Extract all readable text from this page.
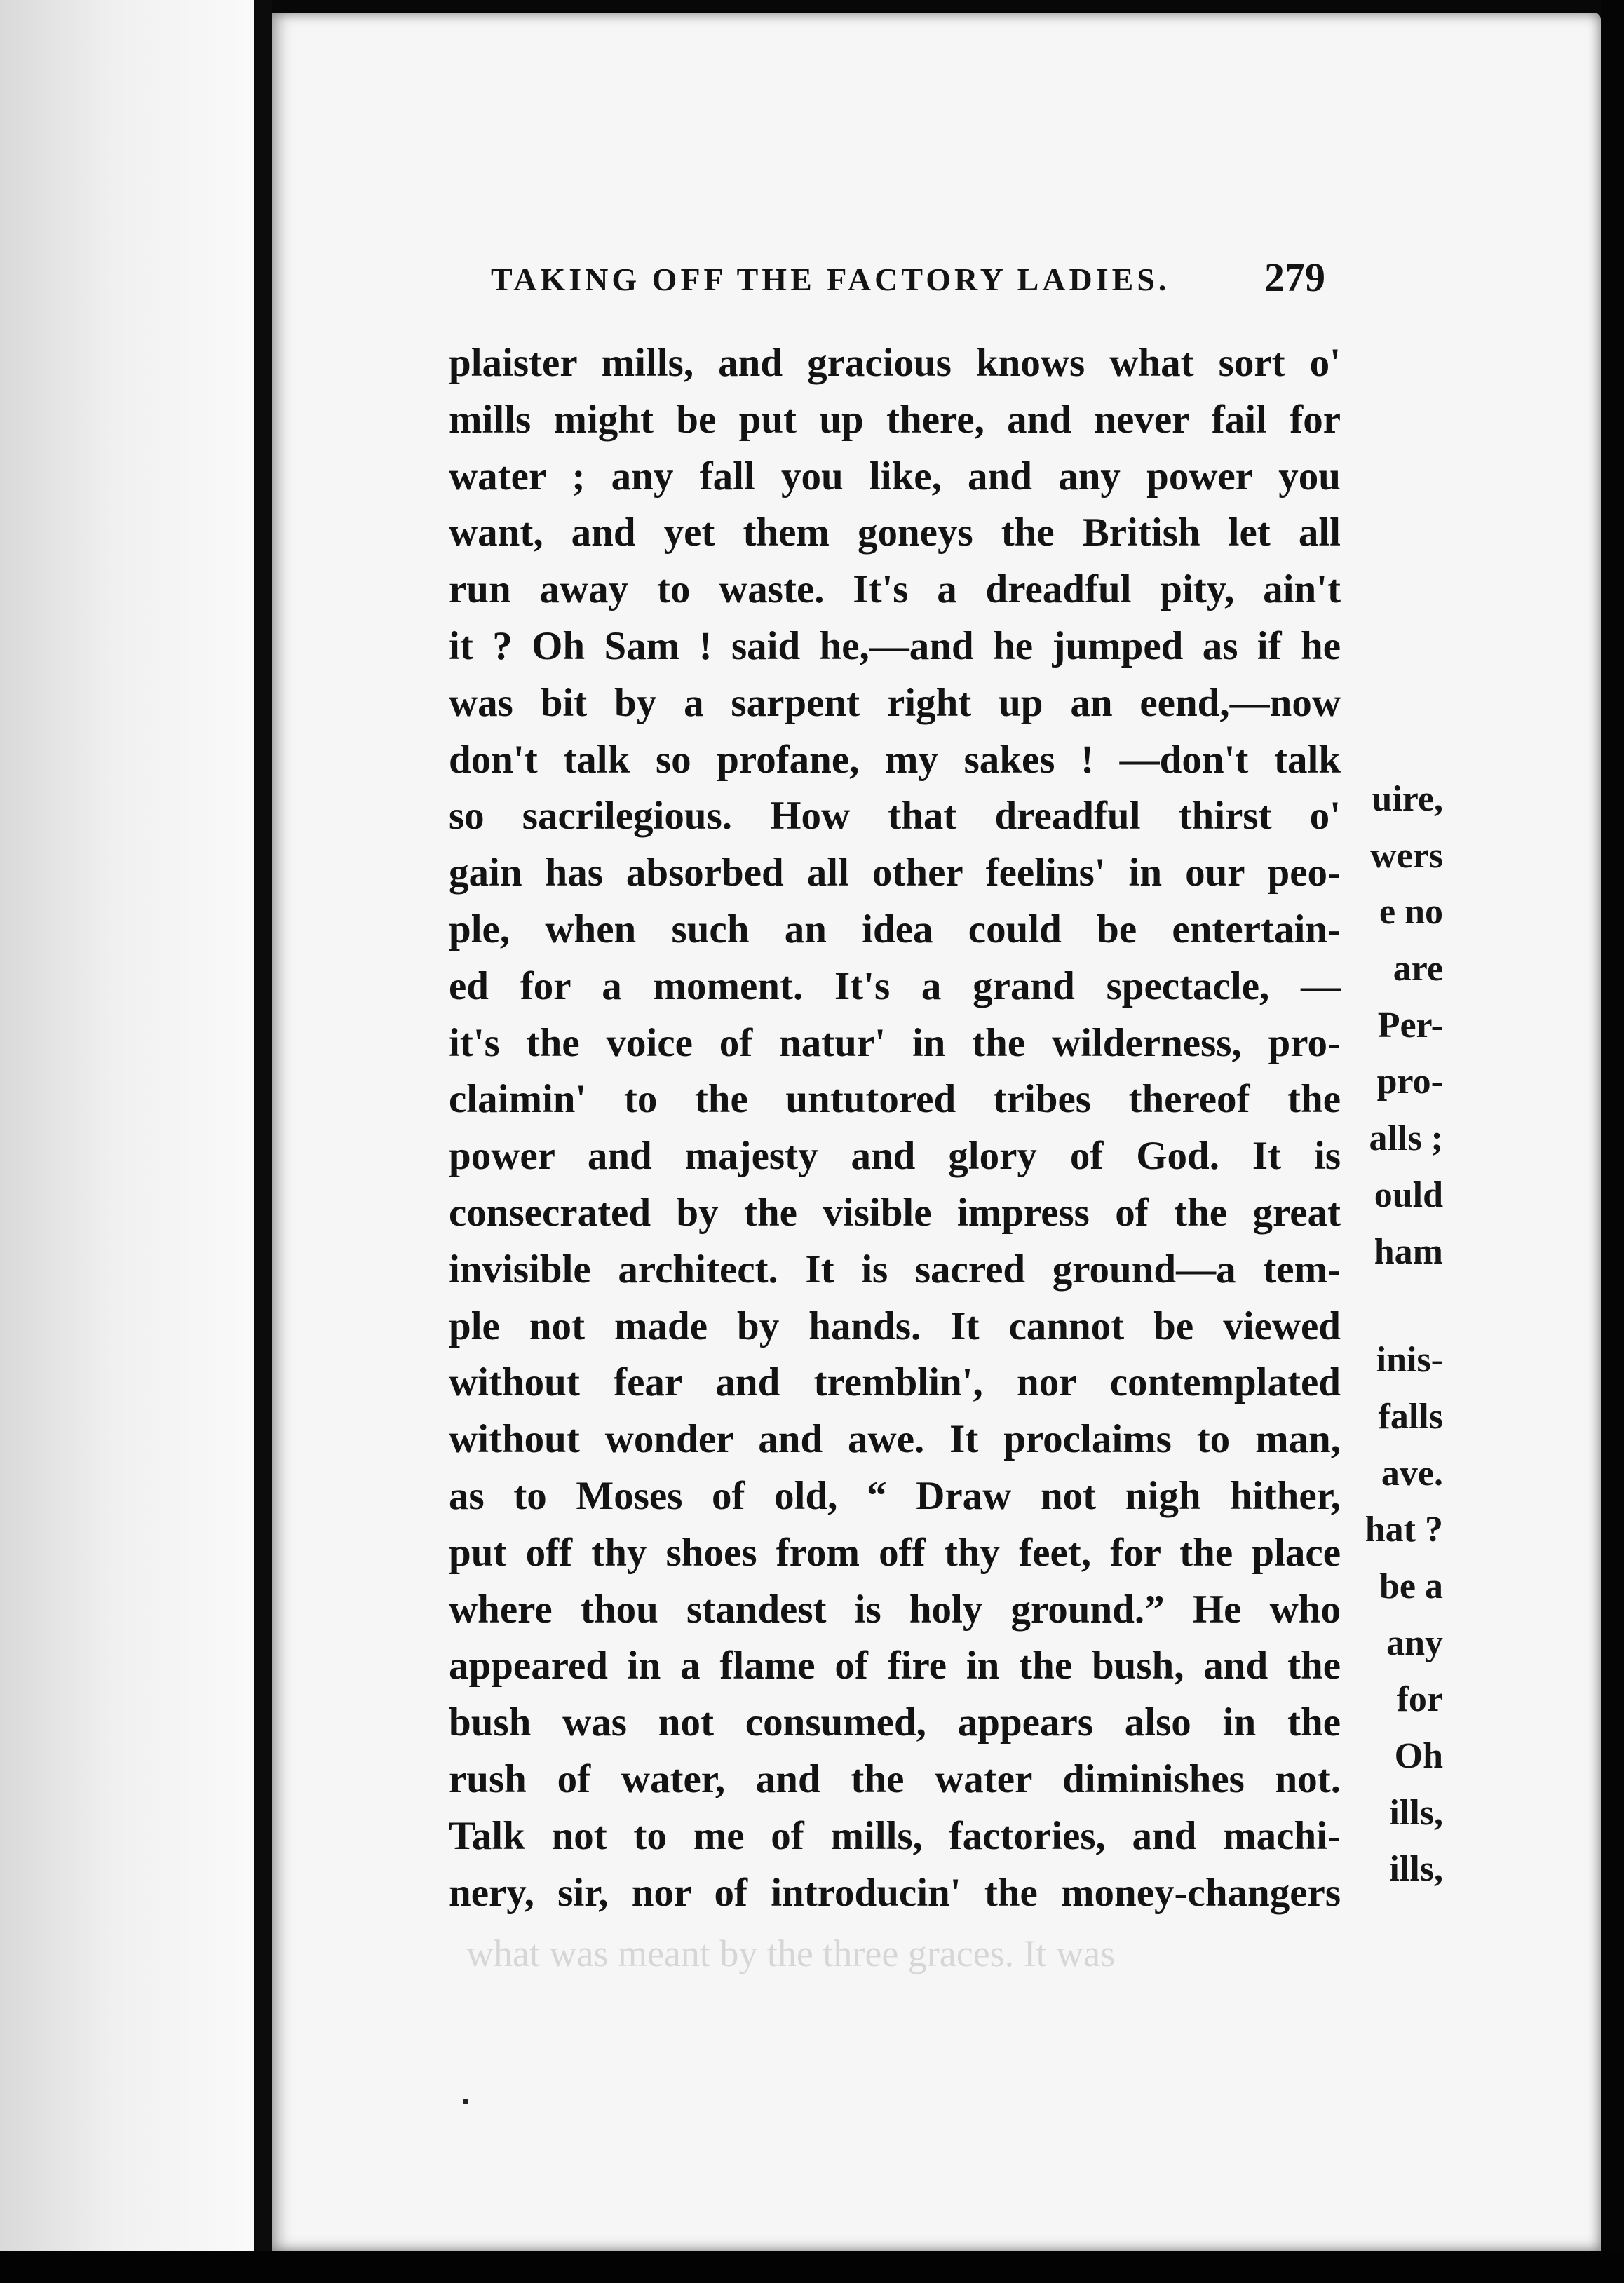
uire,
wers
e no
are
Per-
pro-
alls ;
ould
ham
inis-
falls
ave.
hat ?
be a
any
for
Oh
ills,
ills,
TAKING OFF THE FACTORY LADIES. 279
plaister mills, and gracious knows what sort o'
mills might be put up there, and never fail for
water ; any fall you like, and any power you
want, and yet them goneys the British let all
run away to waste. It's a dreadful pity, ain't
it ? Oh Sam ! said he,—and he jumped as if he
was bit by a sarpent right up an eend,—now
don't talk so profane, my sakes ! —don't talk
so sacrilegious. How that dreadful thirst o'
gain has absorbed all other feelins' in our peo-
ple, when such an idea could be entertain-
ed for a moment. It's a grand spectacle, —
it's the voice of natur' in the wilderness, pro-
claimin' to the untutored tribes thereof the
power and majesty and glory of God. It is
consecrated by the visible impress of the great
invisible architect. It is sacred ground—a tem-
ple not made by hands. It cannot be viewed
without fear and tremblin', nor contemplated
without wonder and awe. It proclaims to man,
as to Moses of old, “ Draw not nigh hither,
put off thy shoes from off thy feet, for the place
where thou standest is holy ground.” He who
appeared in a flame of fire in the bush, and the
bush was not consumed, appears also in the
rush of water, and the water diminishes not.
Talk not to me of mills, factories, and machi-
nery, sir, nor of introducin' the money-changers
what was meant by the three graces. It was
